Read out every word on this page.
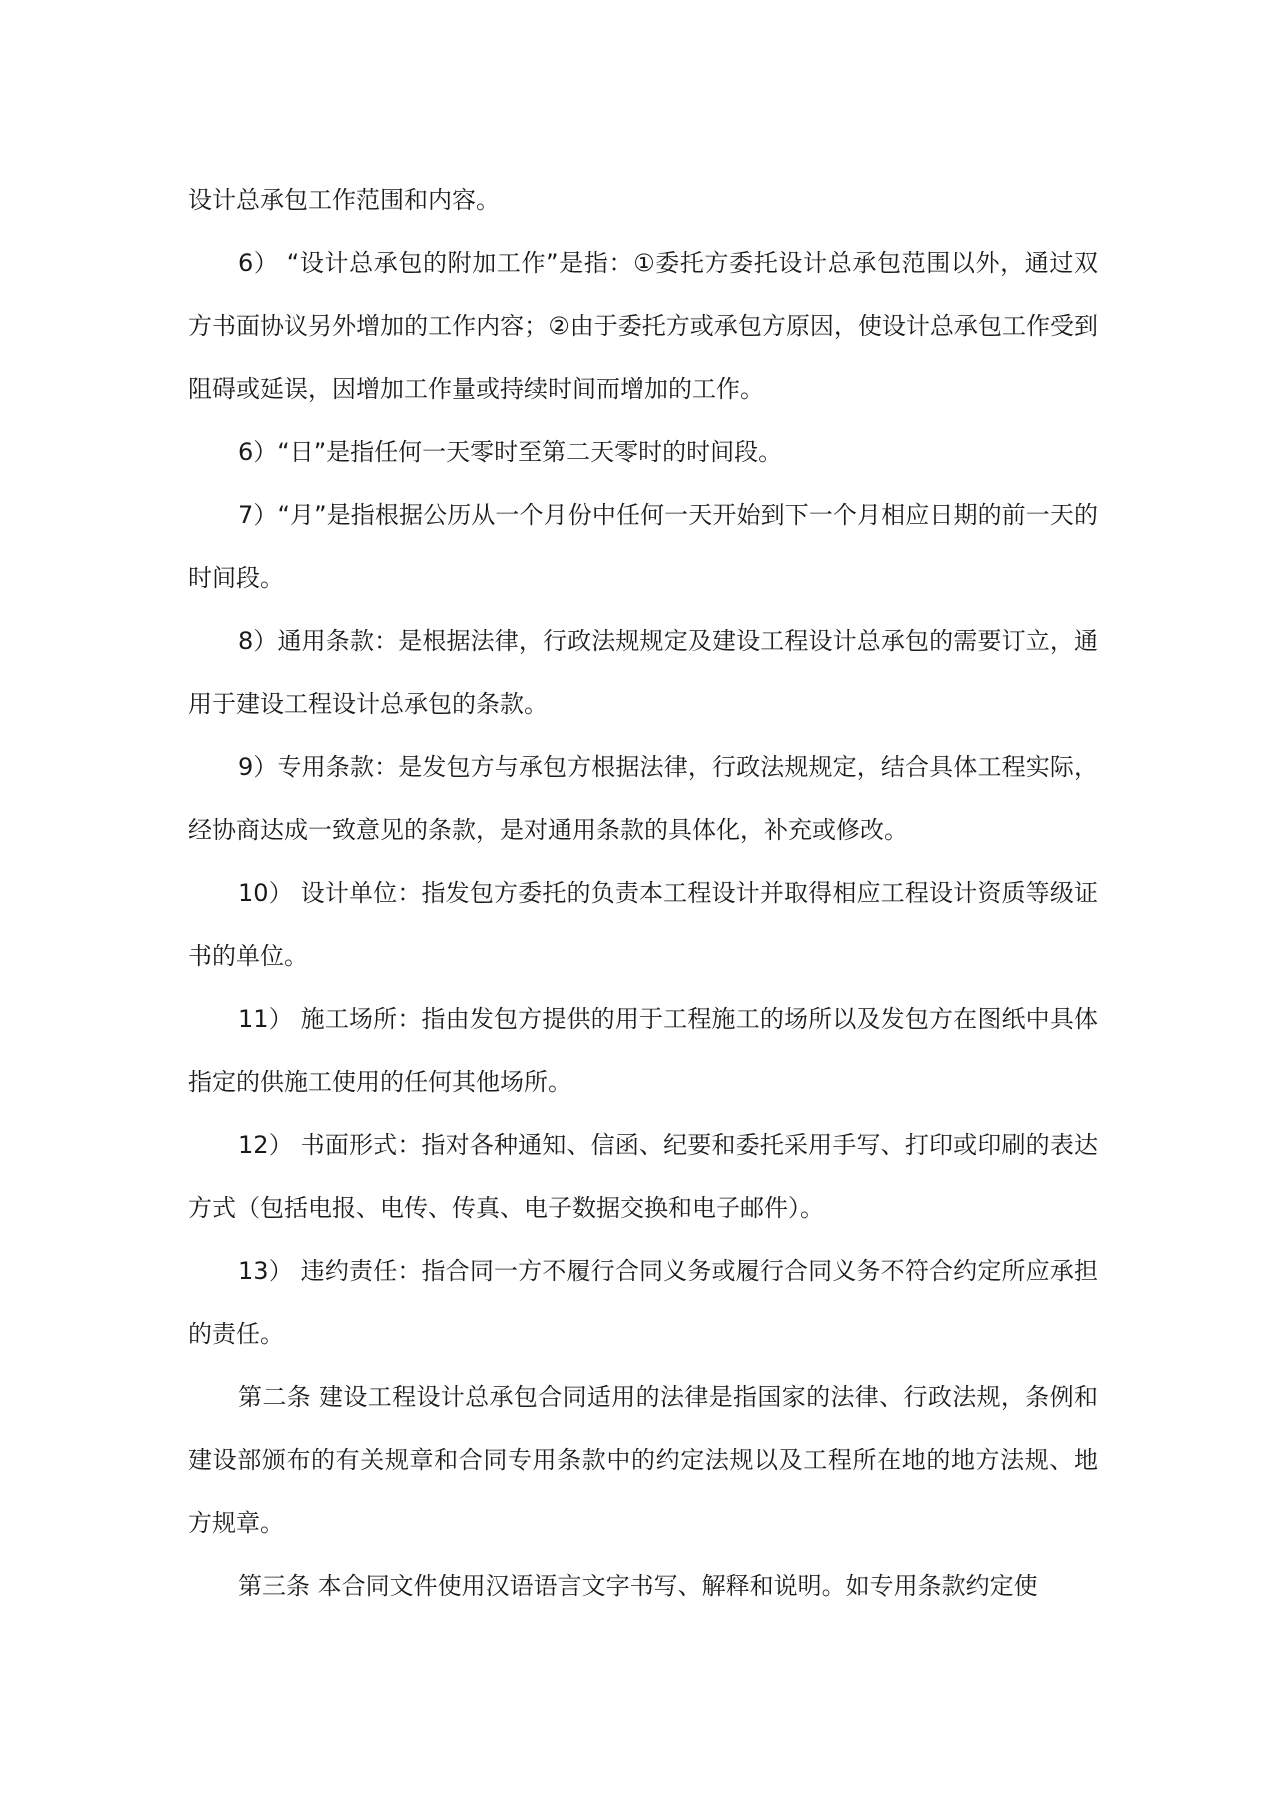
设计总承包工作范围和内容。

6） “设计总承包的附加工作”是指：①委托方委托设计总承包范围以外，通过双方书面协议另外增加的工作内容；②由于委托方或承包方原因，使设计总承包工作受到阻碍或延误，因增加工作量或持续时间而增加的工作。

6）“日”是指任何一天零时至第二天零时的时间段。

7）“月”是指根据公历从一个月份中任何一天开始到下一个月相应日期的前一天的时间段。

8）通用条款：是根据法律，行政法规规定及建设工程设计总承包的需要订立，通用于建设工程设计总承包的条款。

9）专用条款：是发包方与承包方根据法律，行政法规规定，结合具体工程实际， 经协商达成一致意见的条款，是对通用条款的具体化，补充或修改。

10） 设计单位：指发包方委托的负责本工程设计并取得相应工程设计资质等级证书的单位。

11） 施工场所：指由发包方提供的用于工程施工的场所以及发包方在图纸中具体指定的供施工使用的任何其他场所。

12） 书面形式：指对各种通知、信函、纪要和委托采用手写、打印或印刷的表达方式（包括电报、电传、传真、电子数据交换和电子邮件）。

13） 违约责任：指合同一方不履行合同义务或履行合同义务不符合约定所应承担的责任。

第二条 建设工程设计总承包合同适用的法律是指国家的法律、行政法规，条例和建设部颁布的有关规章和合同专用条款中的约定法规以及工程所在地的地方法规、地方规章。

第三条 本合同文件使用汉语语言文字书写、解释和说明。如专用条款约定使
